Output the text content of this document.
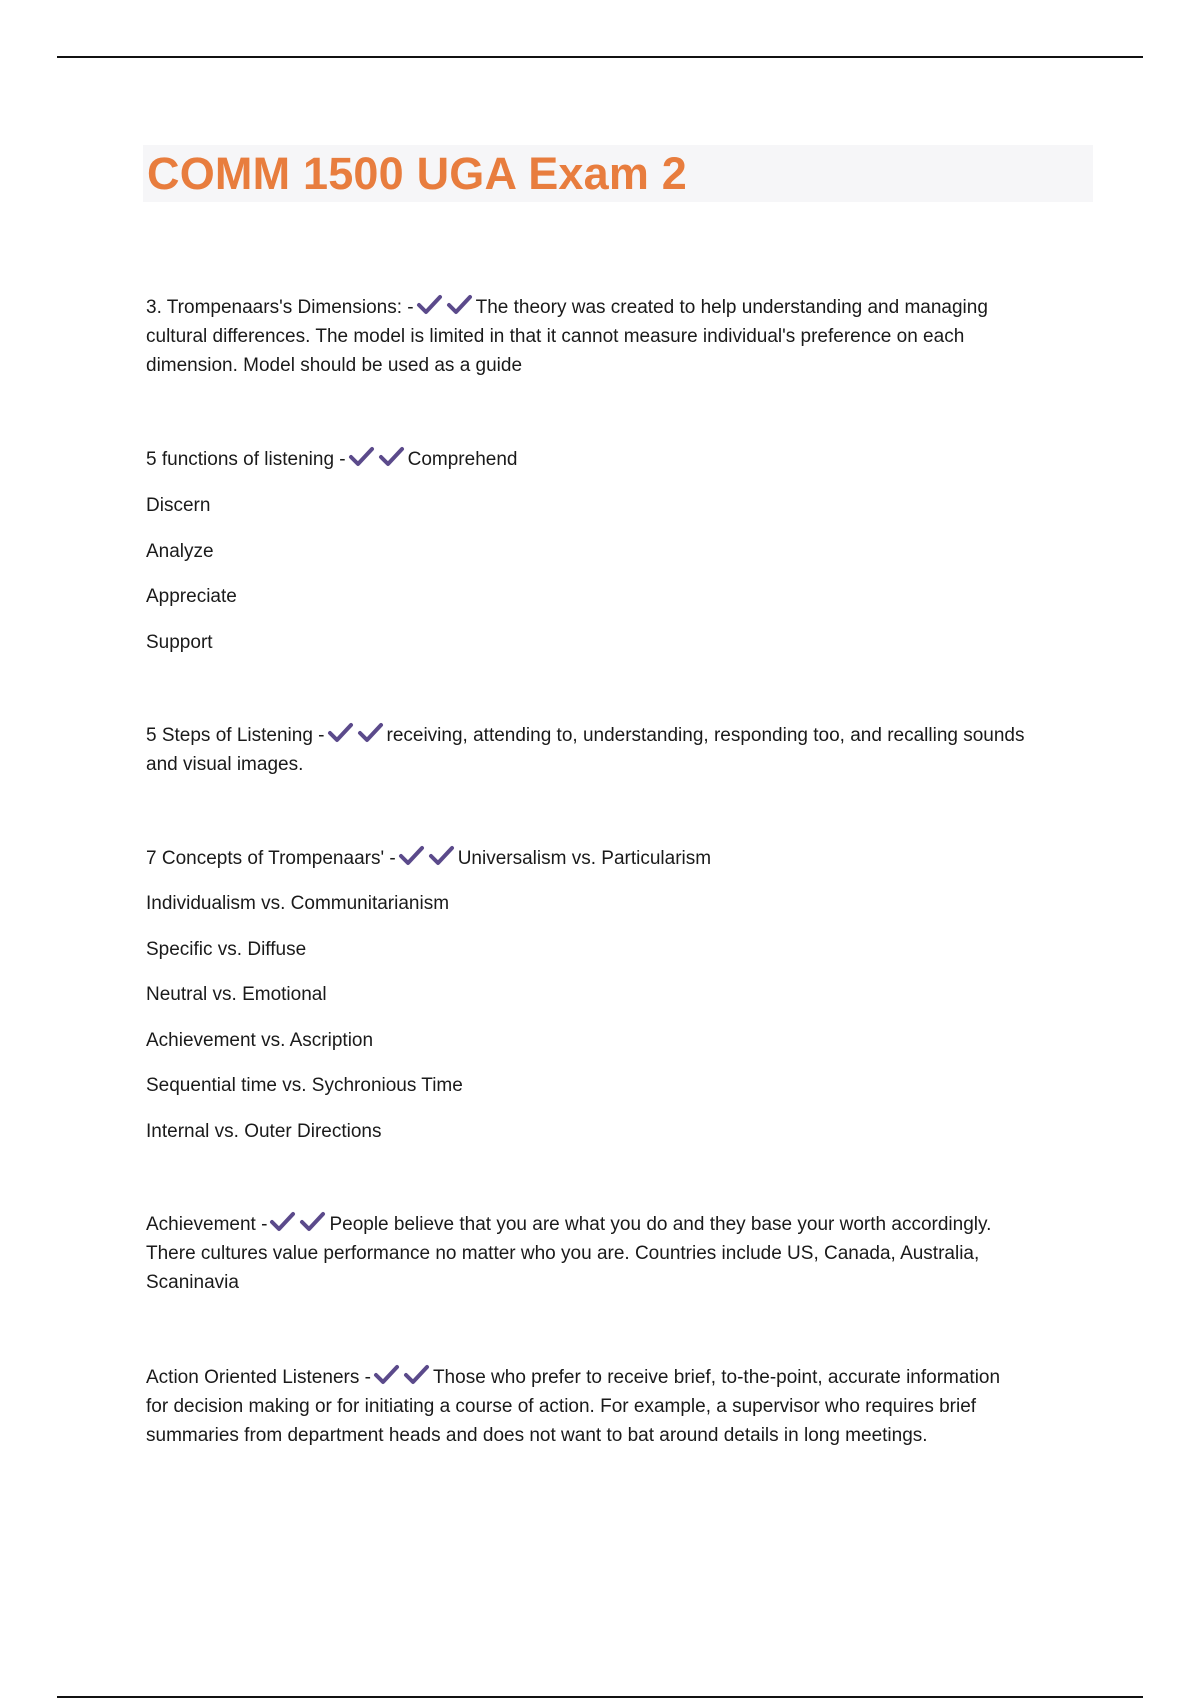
COMM 1500 UGA Exam 2

3. Trompenaars's Dimensions: -	The theory was created to help understanding and managing

cultural differences. The model is limited in that it cannot measure individual's preference on each

dimension. Model should be used as a guide

5 functions of listening -	Comprehend

Discern

Analyze

Appreciate

Support

5 Steps of Listening -	receiving, attending to, understanding, responding too, and recalling sounds

and visual images.

7 Concepts of Trompenaars' -	Universalism vs. Particularism

Individualism vs. Communitarianism

Specific vs. Diffuse

Neutral vs. Emotional

Achievement vs. Ascription

Sequential time vs. Sychronious Time

Internal vs. Outer Directions

Achievement -	People believe that you are what you do and they base your worth accordingly.

There cultures value performance no matter who you are. Countries include US, Canada, Australia,

Scaninavia

Action Oriented Listeners -	Those who prefer to receive brief, to-the-point, accurate information

for decision making or for initiating a course of action. For example, a supervisor who requires brief

summaries from department heads and does not want to bat around details in long meetings.
